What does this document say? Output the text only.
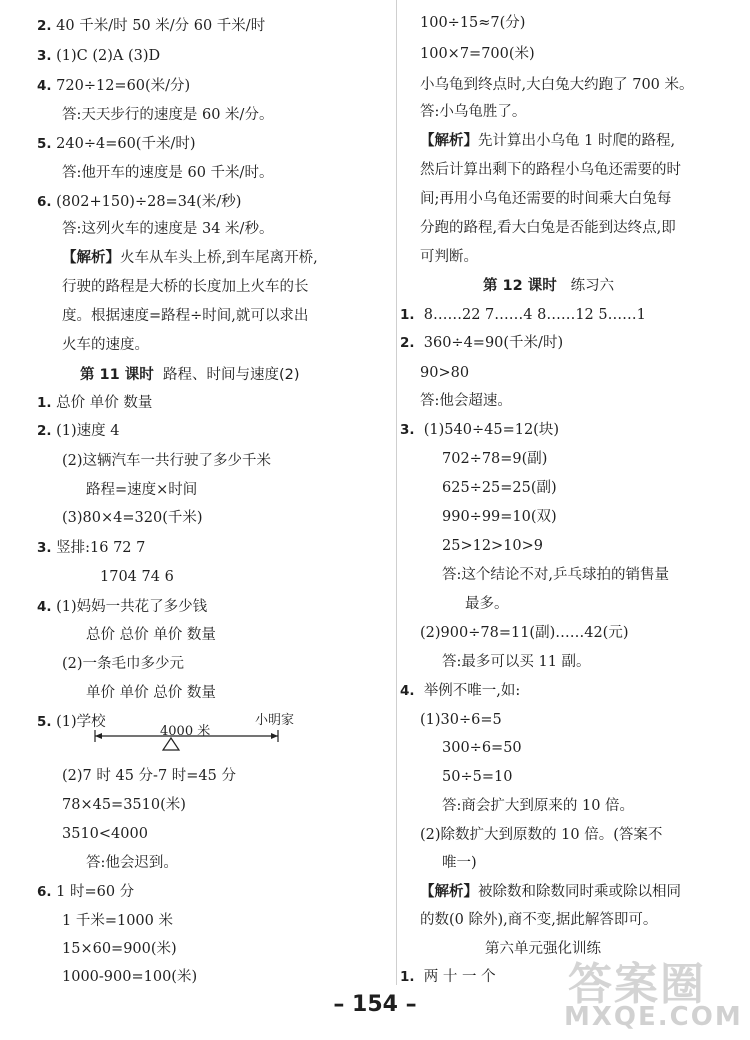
2. 40 千米/时 50 米/分 60 千米/时
3. (1)C (2)A (3)D
4. 720÷12=60(米/分)
答:天天步行的速度是 60 米/分。
5. 240÷4=60(千米/时)
答:他开车的速度是 60 千米/时。
6. (802+150)÷28=34(米/秒)
答:这列火车的速度是 34 米/秒。
【解析】火车从车头上桥,到车尾离开桥,
行驶的路程是大桥的长度加上火车的长
度。根据速度=路程÷时间,就可以求出
火车的速度。
第 11 课时 路程、时间与速度(2)
1. 总价 单价 数量
2. (1)速度 4
(2)这辆汽车一共行驶了多少千米
路程=速度×时间
(3)80×4=320(千米)
3. 竖排:16 72 7
1704 74 6
4. (1)妈妈一共花了多少钱
总价 总价 单价 数量
(2)一条毛巾多少元
单价 单价 总价 数量
5. (1)学校	小明家
4000 米
(2)7 时 45 分-7 时=45 分
78×45=3510(米)
3510<4000
答:他会迟到。
6. 1 时=60 分
1 千米=1000 米
15×60=900(米)
1000-900=100(米)
100÷15≈7(分)
100×7=700(米)
小乌龟到终点时,大白兔大约跑了 700 米。
答:小乌龟胜了。
【解析】先计算出小乌龟 1 时爬的路程,
然后计算出剩下的路程小乌龟还需要的时
间;再用小乌龟还需要的时间乘大白兔每
分跑的路程,看大白兔是否能到达终点,即
可判断。
第 12 课时 练习六
1. 8……22 7……4 8……12 5……1
2. 360÷4=90(千米/时)
90>80
答:他会超速。
3. (1)540÷45=12(块)
702÷78=9(副)
625÷25=25(副)
990÷99=10(双)
25>12>10>9
答:这个结论不对,乒乓球拍的销售量
最多。
(2)900÷78=11(副)……42(元)
答:最多可以买 11 副。
4. 举例不唯一,如:
(1)30÷6=5
300÷6=50
50÷5=10
答:商会扩大到原来的 10 倍。
(2)除数扩大到原数的 10 倍。(答案不
唯一)
【解析】被除数和除数同时乘或除以相同
的数(0 除外),商不变,据此解答即可。
第六单元强化训练
1. 两 十 一 个
– 154 –	答案圈
MXQE.COM
